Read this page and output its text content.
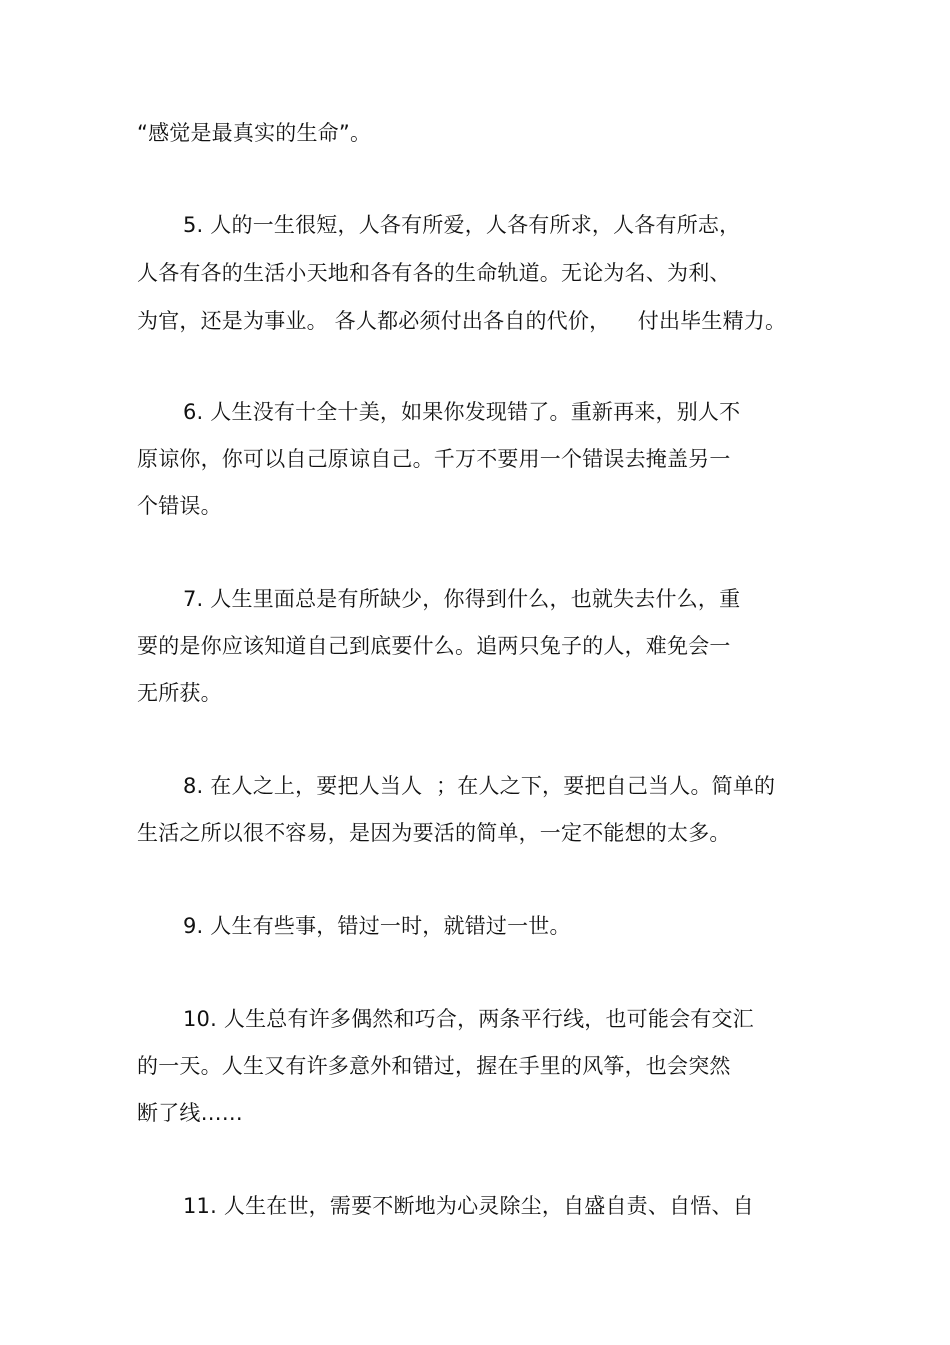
“感觉是最真实的生命”。
5. 人的一生很短，人各有所爱，人各有所求，人各有所志，
人各有各的生活小天地和各有各的生命轨道。无论为名、为利、
为官，还是为事业。 各人都必须付出各自的代价，    付出毕生精力。
6. 人生没有十全十美，如果你发现错了。重新再来，别人不
原谅你，你可以自己原谅自己。千万不要用一个错误去掩盖另一
个错误。
7. 人生里面总是有所缺少，你得到什么，也就失去什么，重
要的是你应该知道自己到底要什么。追两只兔子的人，难免会一
无所获。
8. 在人之上，要把人当人  ；在人之下，要把自己当人。简单的
生活之所以很不容易，是因为要活的简单，一定不能想的太多。
9. 人生有些事，错过一时，就错过一世。
10. 人生总有许多偶然和巧合，两条平行线，也可能会有交汇
的一天。人生又有许多意外和错过，握在手里的风筝，也会突然
断了线……
11. 人生在世，需要不断地为心灵除尘，自盛自责、自悟、自
